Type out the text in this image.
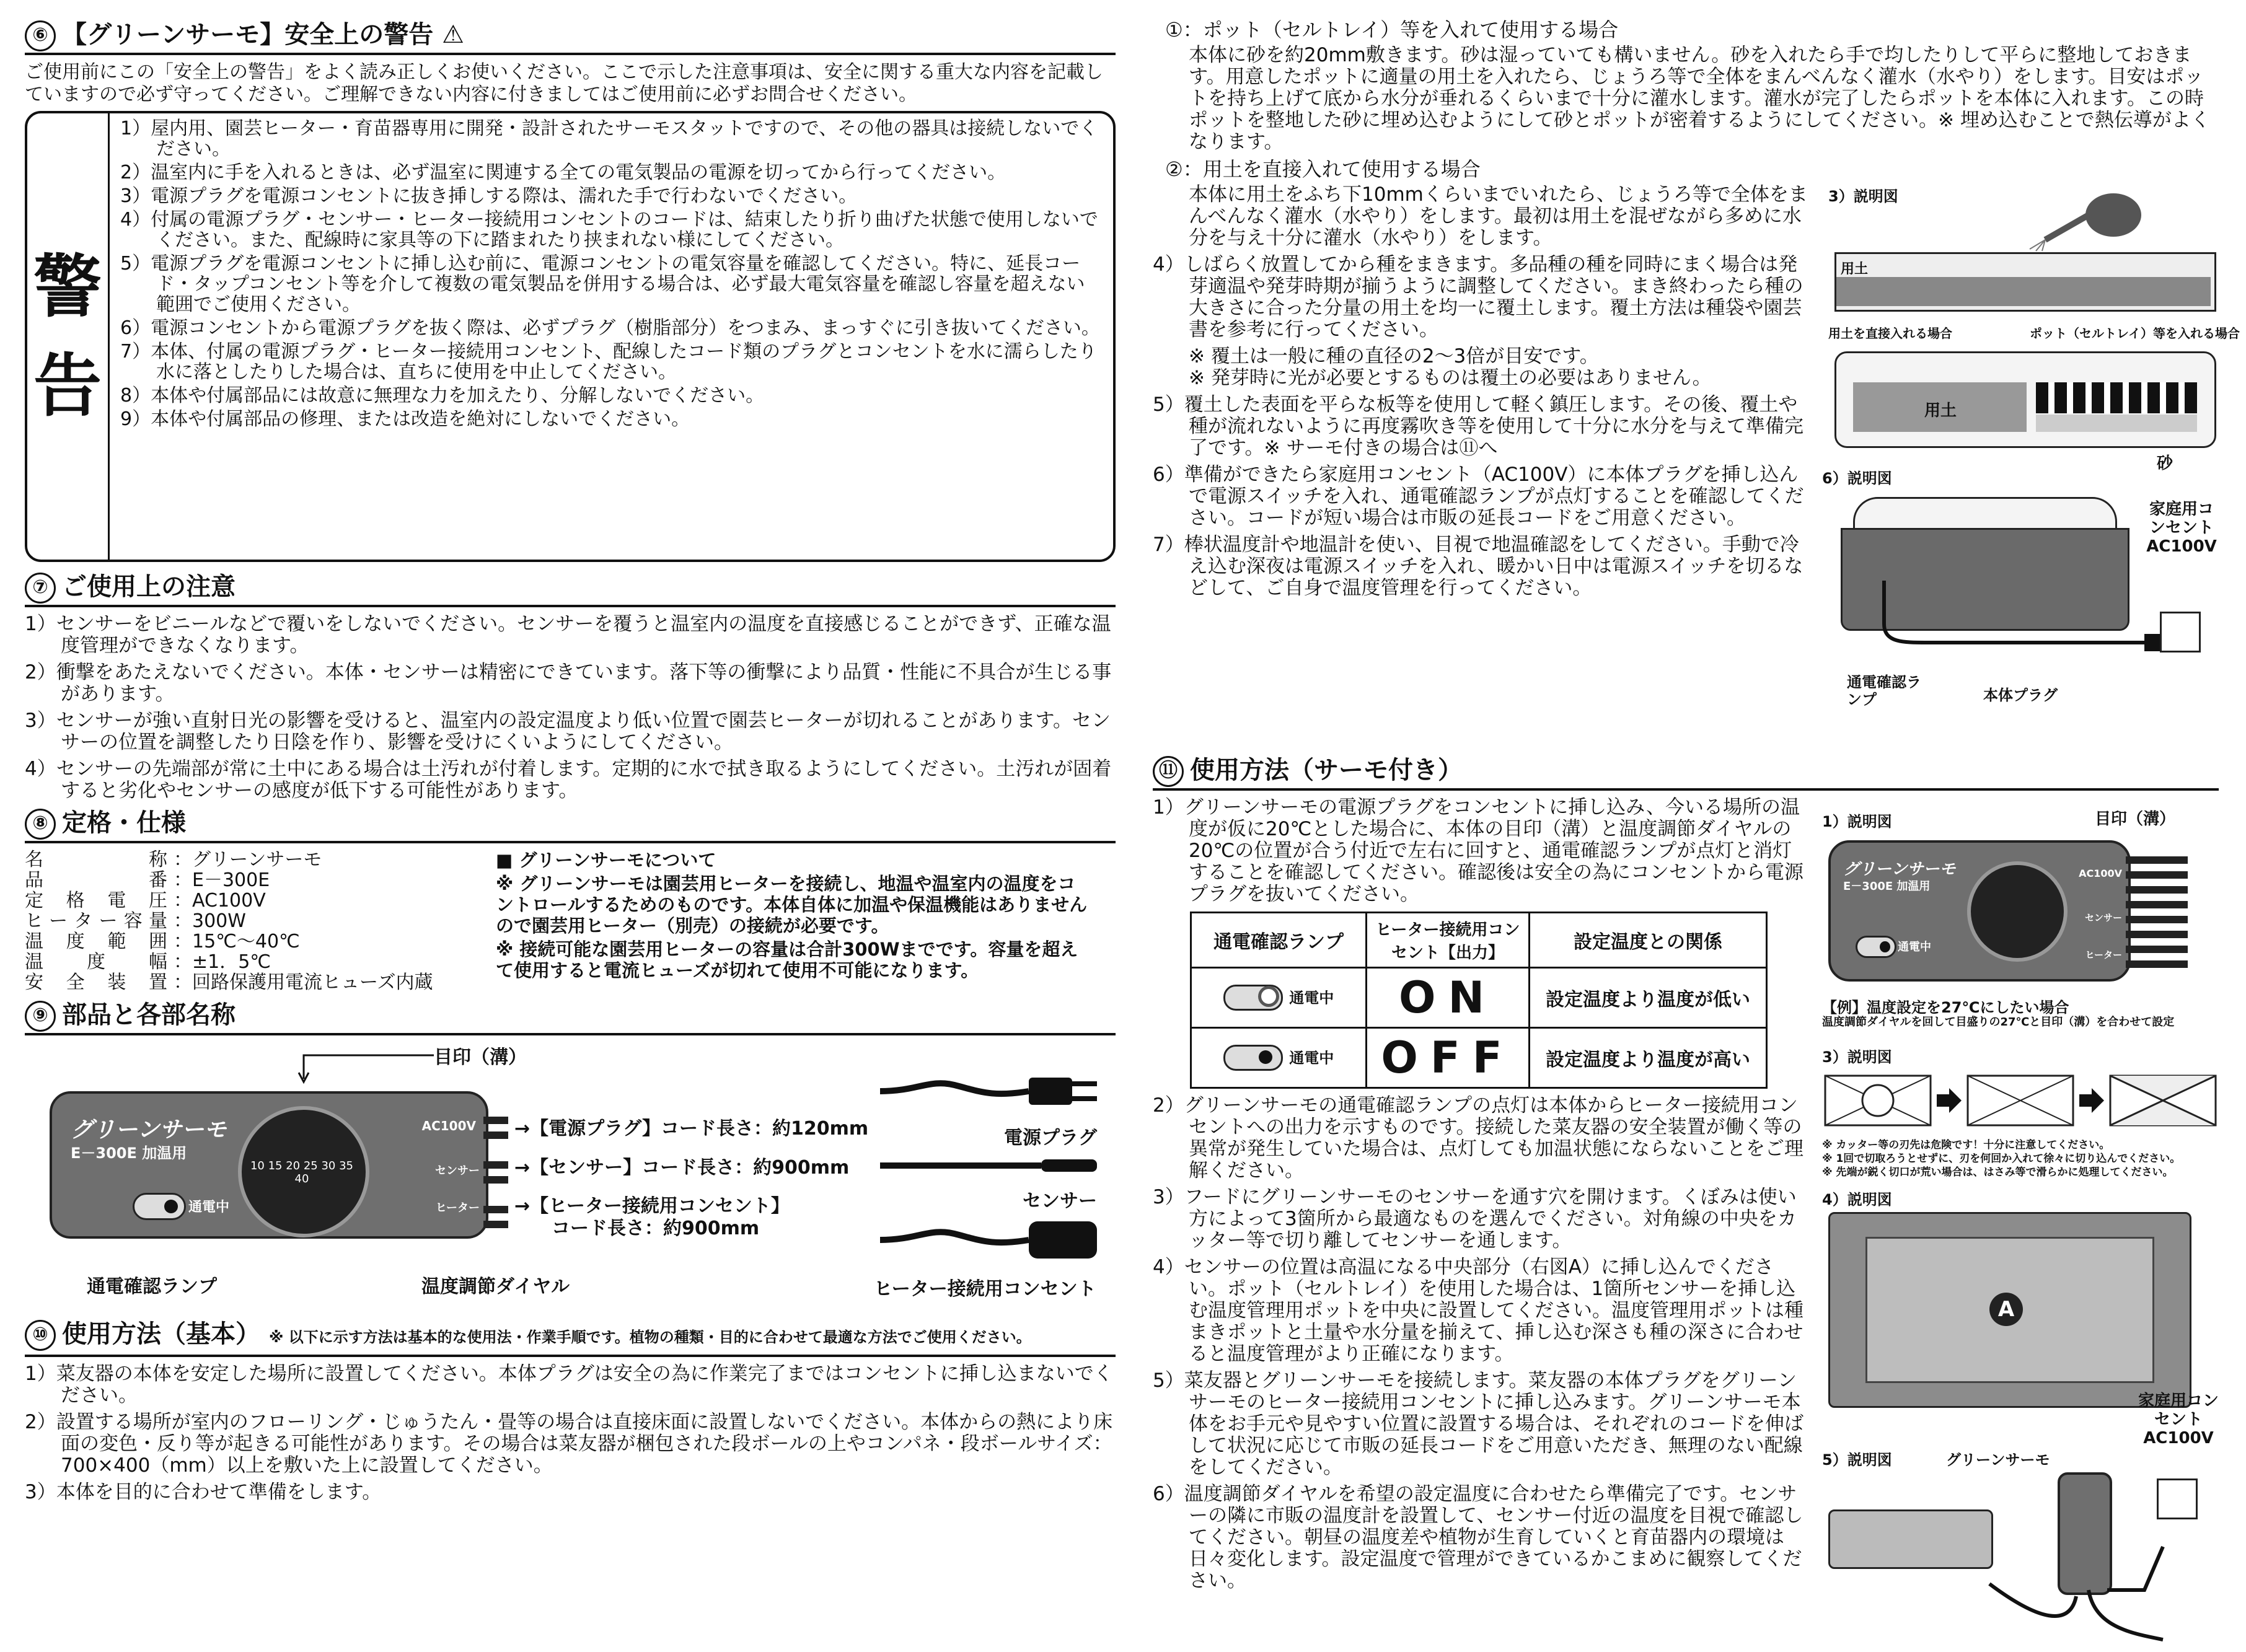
⑥ 【グリーンサーモ】安全上の警告 ⚠

ご使用前にこの「安全上の警告」をよく読み正しくお使いください。ここで示した注意事項は、安全に関する重大な内容を記載していますので必ず守ってください。ご理解できない内容に付きましてはご使用前に必ずお問合せください。

警
告

1）屋内用、園芸ヒーター・育苗器専用に開発・設計されたサーモスタットですので、その他の器具は接続しないでください。

2）温室内に手を入れるときは、必ず温室に関連する全ての電気製品の電源を切ってから行ってください。

3）電源プラグを電源コンセントに抜き挿しする際は、濡れた手で行わないでください。

4）付属の電源プラグ・センサー・ヒーター接続用コンセントのコードは、結束したり折り曲げた状態で使用しないでください。また、配線時に家具等の下に踏まれたり挟まれない様にしてください。

5）電源プラグを電源コンセントに挿し込む前に、電源コンセントの電気容量を確認してください。特に、延長コード・タップコンセント等を介して複数の電気製品を併用する場合は、必ず最大電気容量を確認し容量を超えない範囲でご使用ください。

6）電源コンセントから電源プラグを抜く際は、必ずプラグ（樹脂部分）をつまみ、まっすぐに引き抜いてください。

7）本体、付属の電源プラグ・ヒーター接続用コンセント、配線したコード類のプラグとコンセントを水に濡らしたり水に落としたりした場合は、直ちに使用を中止してください。

8）本体や付属部品には故意に無理な力を加えたり、分解しないでください。

9）本体や付属部品の修理、または改造を絶対にしないでください。

⑦ ご使用上の注意

1）センサーをビニールなどで覆いをしないでください。センサーを覆うと温室内の温度を直接感じることができず、正確な温度管理ができなくなります。

2）衝撃をあたえないでください。本体・センサーは精密にできています。落下等の衝撃により品質・性能に不具合が生じる事があります。

3）センサーが強い直射日光の影響を受けると、温室内の設定温度より低い位置で園芸ヒーターが切れることがあります。センサーの位置を調整したり日陰を作り、影響を受けにくいようにしてください。

4）センサーの先端部が常に土中にある場合は土汚れが付着します。定期的に水で拭き取るようにしてください。土汚れが固着すると劣化やセンサーの感度が低下する可能性があります。

⑧ 定格・仕様
名称 ：グリーンサーモ
品番 ：E－300E
定格電圧 ：AC100V
ヒーター容量 ：300W
温度範囲 ：15℃～40℃
温度幅 ：±1．5℃
安全装置 ：回路保護用電流ヒューズ内蔵
■ グリーンサーモについて
※ グリーンサーモは園芸用ヒーターを接続し、地温や温室内の温度をコントロールするためのものです。本体自体に加温や保温機能はありませんので園芸用ヒーター（別売）の接続が必要です。
※ 接続可能な園芸用ヒーターの容量は合計300Wまでです。容量を超えて使用すると電流ヒューズが切れて使用不可能になります。
⑨ 部品と各部名称
目印（溝）
グリーンサーモ
E－300E 加温用
10 15 20 25 30 35 40
通電中
AC100V
センサー
ヒーター
→【電源プラグ】コード長さ：約120mm
→【センサー】コード長さ：約900mm
→【ヒーター接続用コンセント】
コード長さ：約900mm
通電確認ランプ	温度調節ダイヤル
電源プラグ
センサー
ヒーター接続用コンセント
⑩ 使用方法（基本） ※ 以下に示す方法は基本的な使用法・作業手順です。植物の種類・目的に合わせて最適な方法でご使用ください。

1）菜友器の本体を安定した場所に設置してください。本体プラグは安全の為に作業完了まではコンセントに挿し込まないでください。

2）設置する場所が室内のフローリング・じゅうたん・畳等の場合は直接床面に設置しないでください。本体からの熱により床面の変色・反り等が起きる可能性があります。その場合は菜友器が梱包された段ボールの上やコンパネ・段ボールサイズ：700×400（mm）以上を敷いた上に設置してください。

3）本体を目的に合わせて準備をします。

①：ポット（セルトレイ）等を入れて使用する場合

本体に砂を約20mm敷きます。砂は湿っていても構いません。砂を入れたら手で均したりして平らに整地しておきます。用意したポットに適量の用土を入れたら、じょうろ等で全体をまんべんなく灌水（水やり）をします。目安はポットを持ち上げて底から水分が垂れるくらいまで十分に灌水します。灌水が完了したらポットを本体に入れます。この時ポットを整地した砂に埋め込むようにして砂とポットが密着するようにしてください。※ 埋め込むことで熱伝導がよくなります。

②：用土を直接入れて使用する場合

本体に用土をふち下10mmくらいまでいれたら、じょうろ等で全体をまんべんなく灌水（水やり）をします。最初は用土を混ぜながら多めに水分を与え十分に灌水（水やり）をします。

4）しばらく放置してから種をまきます。多品種の種を同時にまく場合は発芽適温や発芽時期が揃うように調整してください。まき終わったら種の大きさに合った分量の用土を均一に覆土します。覆土方法は種袋や園芸書を参考に行ってください。

※ 覆土は一般に種の直径の2～3倍が目安です。

※ 発芽時に光が必要とするものは覆土の必要はありません。

5）覆土した表面を平らな板等を使用して軽く鎮圧します。その後、覆土や種が流れないように再度霧吹き等を使用して十分に水分を与えて準備完了です。※ サーモ付きの場合は⑪へ

6）準備ができたら家庭用コンセント（AC100V）に本体プラグを挿し込んで電源スイッチを入れ、通電確認ランプが点灯することを確認してください。コードが短い場合は市販の延長コードをご用意ください。

7）棒状温度計や地温計を使い、目視で地温確認をしてください。手動で冷え込む深夜は電源スイッチを入れ、暖かい日中は電源スイッチを切るなどして、ご自身で温度管理を行ってください。

3）説明図
用土
用土を直接入れる場合	ポット（セルトレイ）等を入れる場合
用土
砂
6）説明図
家庭用コンセントAC100V
通電確認ランプ	本体プラグ
⑪ 使用方法（サーモ付き）

1）グリーンサーモの電源プラグをコンセントに挿し込み、今いる場所の温度が仮に20℃とした場合に、本体の目印（溝）と温度調節ダイヤルの20℃の位置が合う付近で左右に回すと、通電確認ランプが点灯と消灯することを確認してください。確認後は安全の為にコンセントから電源プラグを抜いてください。

通電確認ランプ	ヒーター接続用コンセント【出力】	設定温度との関係

通電中	ON	設定温度より温度が低い

通電中	OFF	設定温度より温度が高い

2）グリーンサーモの通電確認ランプの点灯は本体からヒーター接続用コンセントへの出力を示すものです。接続した菜友器の安全装置が働く等の異常が発生していた場合は、点灯しても加温状態にならないことをご理解ください。

3）フードにグリーンサーモのセンサーを通す穴を開けます。くぼみは使い方によって3箇所から最適なものを選んでください。対角線の中央をカッター等で切り離してセンサーを通します。

4）センサーの位置は高温になる中央部分（右図A）に挿し込んでください。ポット（セルトレイ）を使用した場合は、1箇所センサーを挿し込む温度管理用ポットを中央に設置してください。温度管理用ポットは種まきポットと土量や水分量を揃えて、挿し込む深さも種の深さに合わせると温度管理がより正確になります。

5）菜友器とグリーンサーモを接続します。菜友器の本体プラグをグリーンサーモのヒーター接続用コンセントに挿し込みます。グリーンサーモ本体をお手元や見やすい位置に設置する場合は、それぞれのコードを伸ばして状況に応じて市販の延長コードをご用意いただき、無理のない配線をしてください。

6）温度調節ダイヤルを希望の設定温度に合わせたら準備完了です。センサーの隣に市販の温度計を設置して、センサー付近の温度を目視で確認してください。朝昼の温度差や植物が生育していくと育苗器内の環境は日々変化します。設定温度で管理ができているかこまめに観察してください。

1）説明図	目印（溝）
グリーンサーモ
E－300E 加温用
通電中
AC100V
センサー
ヒーター
【例】温度設定を27℃にしたい場合
温度調節ダイヤルを回して目盛りの27℃と目印（溝）を合わせて設定
3）説明図
※ カッター等の刃先は危険です！十分に注意してください。
※ 1回で切取ろうとせずに、刃を何回か入れて徐々に切り込んでください。
※ 先端が鋭く切口が荒い場合は、はさみ等で滑らかに処理してください。
4）説明図
A
5）説明図	グリーンサーモ
家庭用コンセントAC100V
